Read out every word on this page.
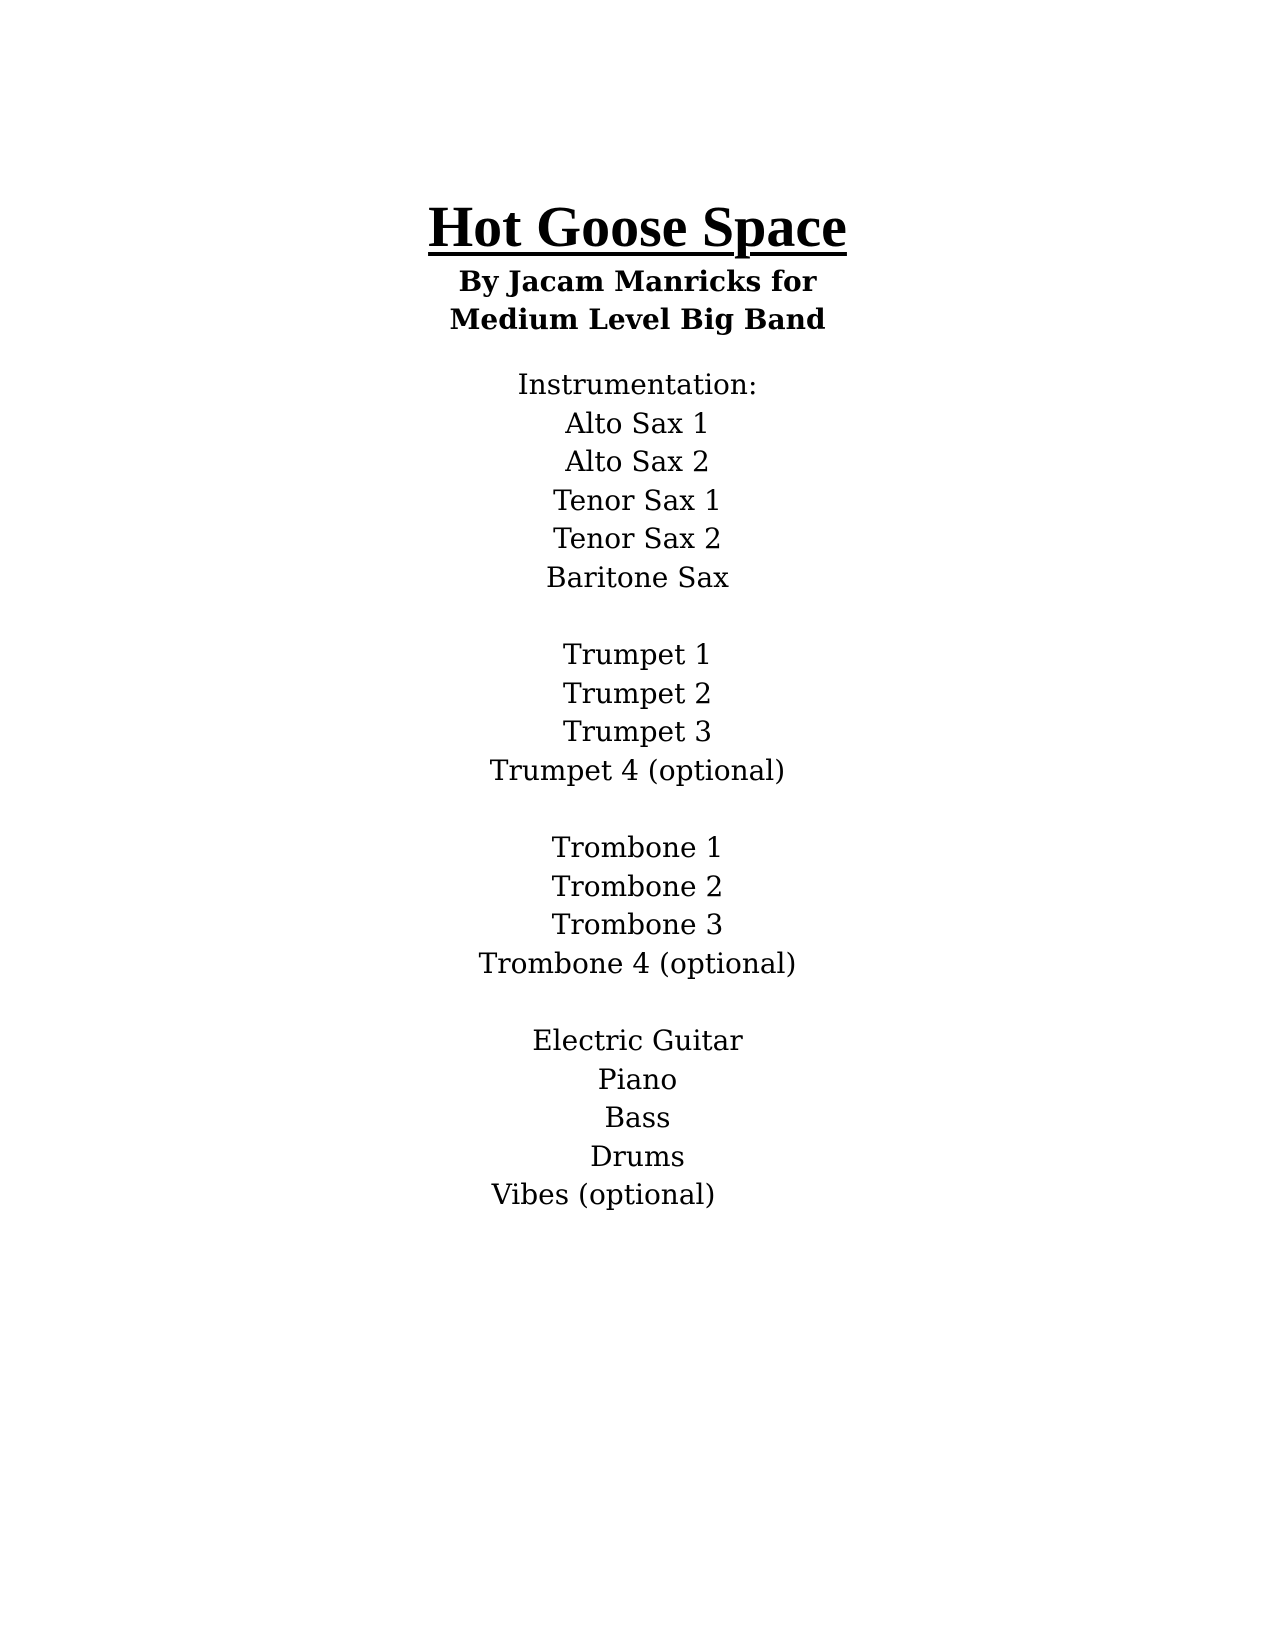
Hot Goose Space
By Jacam Manricks for
Medium Level Big Band
Instrumentation:
Alto Sax 1
Alto Sax 2
Tenor Sax 1
Tenor Sax 2
Baritone Sax
Trumpet 1
Trumpet 2
Trumpet 3
Trumpet 4 (optional)
Trombone 1
Trombone 2
Trombone 3
Trombone 4 (optional)
Electric Guitar
Piano
Bass
Drums
Vibes (optional)
